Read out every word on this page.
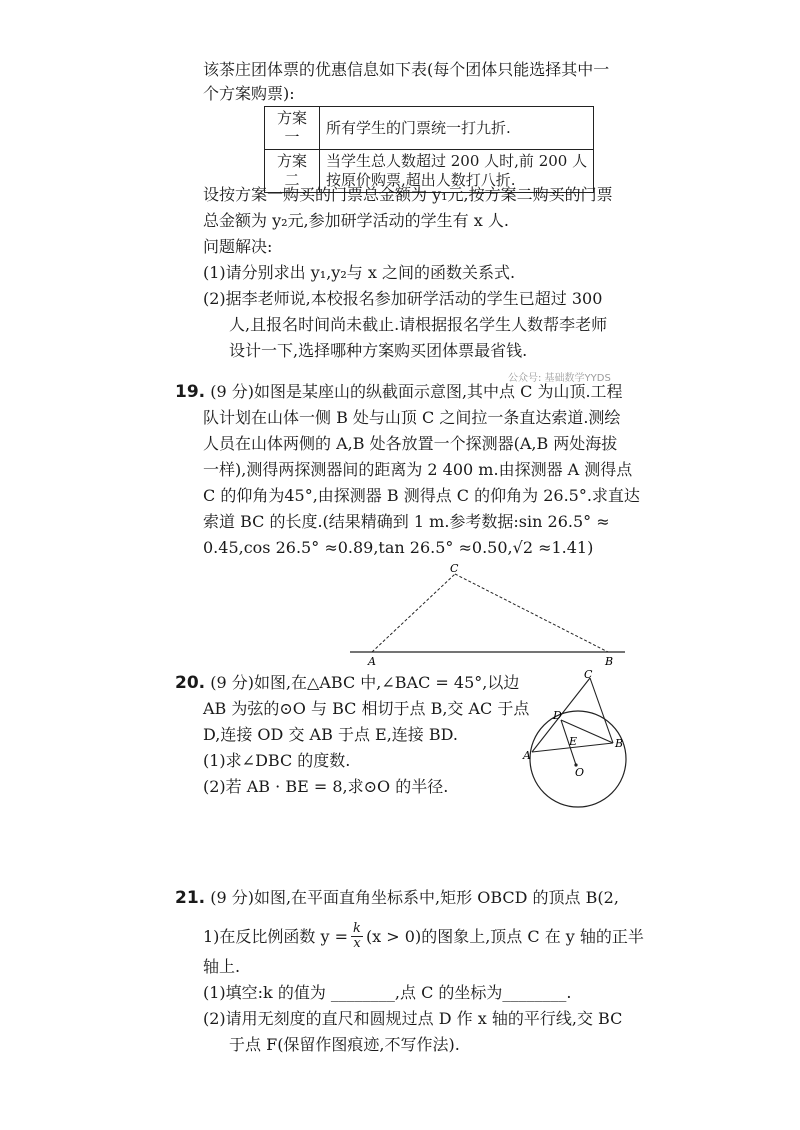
该茶庄团体票的优惠信息如下表(每个团体只能选择其中一
个方案购票):
方案一	所有学生的门票统一打九折.
方案二	当学生总人数超过 200 人时,前 200 人
按原价购票,超出人数打八折.
设按方案一购买的门票总金额为 y₁元,按方案二购买的门票
总金额为 y₂元,参加研学活动的学生有 x 人.
问题解决:
(1)请分别求出 y₁,y₂与 x 之间的函数关系式.
(2)据李老师说,本校报名参加研学活动的学生已超过 300
人,且报名时间尚未截止.请根据报名学生人数帮李老师
设计一下,选择哪种方案购买团体票最省钱.
公众号: 基础数学YYDS
19. (9 分)如图是某座山的纵截面示意图,其中点 C 为山顶.工程
队计划在山体一侧 B 处与山顶 C 之间拉一条直达索道.测绘
人员在山体两侧的 A,B 处各放置一个探测器(A,B 两处海拔
一样),测得两探测器间的距离为 2 400 m.由探测器 A 测得点
C 的仰角为45°,由探测器 B 测得点 C 的仰角为 26.5°.求直达
索道 BC 的长度.(结果精确到 1 m.参考数据:sin 26.5° ≈
0.45,cos 26.5° ≈0.89,tan 26.5° ≈0.50,√2 ≈1.41)
C
A	B
20. (9 分)如图,在△ABC 中,∠BAC = 45°,以边
AB 为弦的⊙O 与 BC 相切于点 B,交 AC 于点
D,连接 OD 交 AB 于点 E,连接 BD.
(1)求∠DBC 的度数.
(2)若 AB · BE = 8,求⊙O 的半径.
C
D
E
A
B
O
21. (9 分)如图,在平面直角坐标系中,矩形 OBCD 的顶点 B(2,
1)在反比例函数 $y = \frac{k}{x} (x > 0)$的图象上,顶点 C 在 y 轴的正半
轴上.
(1)填空:k 的值为 ________,点 C 的坐标为________.
(2)请用无刻度的直尺和圆规过点 D 作 x 轴的平行线,交 BC
于点 F(保留作图痕迹,不写作法).
